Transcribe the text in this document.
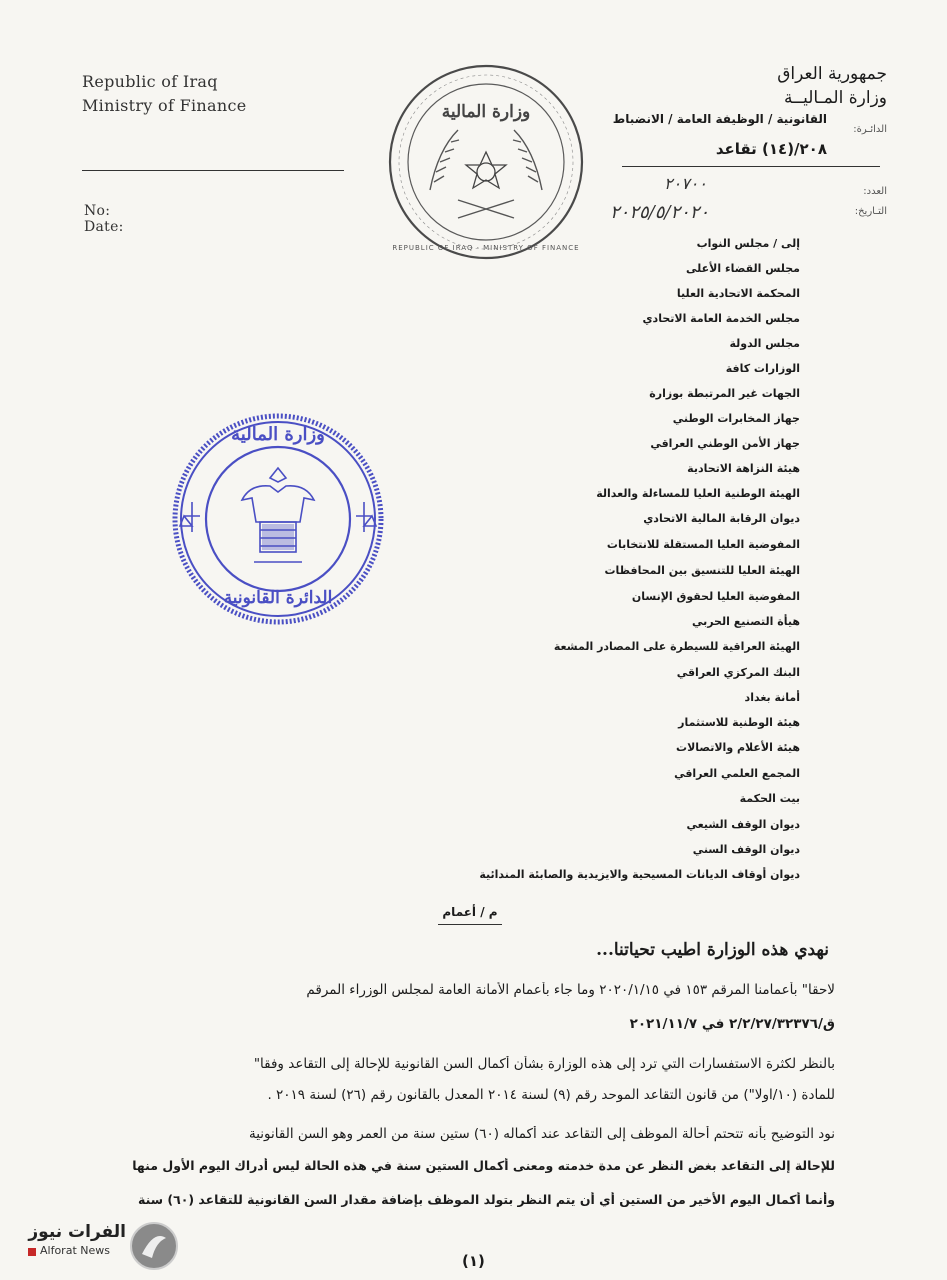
Republic of Iraq
Ministry of Finance
No:
Date:
وزارة المالية
REPUBLIC OF IRAQ · MINISTRY OF FINANCE
جمهورية العراق
وزارة المـاليــة
الدائـرة:
القانونية / الوظيفة العامة / الانضباط
٢٠٨/(١٤) تقاعد
العدد:
التـاريخ:
٢٠٧٠٠
٢٠٢٥/٥/٢٠٢٠
إلى / مجلس النواب
مجلس القضاء الأعلى
المحكمة الاتحادية العليا
مجلس الخدمة العامة الاتحادي
مجلس الدولة
الوزارات كافة
الجهات غير المرتبطة بوزارة
جهاز المخابرات الوطني
جهاز الأمن الوطني العراقي
هيئة النزاهة الاتحادية
الهيئة الوطنية العليا للمساءلة والعدالة
ديوان الرقابة المالية الاتحادي
المفوضية العليا المستقلة للانتخابات
الهيئة العليا للتنسيق بين المحافظات
المفوضية العليا لحقوق الإنسان
هيأة التصنيع الحربي
الهيئة العراقية للسيطرة على المصادر المشعة
البنك المركزي العراقي
أمانة بغداد
هيئة الوطنية للاستثمار
هيئة الأعلام والاتصالات
المجمع العلمي العراقي
بيت الحكمة
ديوان الوقف الشيعي
ديوان الوقف السني
ديوان أوقاف الديانات المسيحية والايزيدية والصابئة المندائية
وزارة المالية
الدائرة القانونية
م / أعمام
نهدي هذه الوزارة اطيب تحياتنا...
لاحقا" بأعمامنا المرقم ١٥٣ في ٢٠٢٠/١/١٥ وما جاء بأعمام الأمانة العامة لمجلس الوزراء المرقم
ق/٢/٢/٢٧/٣٢٣٧٦ في ٢٠٢١/١١/٧
بالنظر لكثرة الاستفسارات التي ترد إلى هذه الوزارة بشأن أكمال السن القانونية للإحالة إلى التقاعد وفقا"
للمادة (١٠/اولا") من قانون التقاعد الموحد رقم (٩) لسنة ٢٠١٤ المعدل بالقانون رقم (٢٦) لسنة ٢٠١٩ .
نود التوضيح بأنه تتحتم أحالة الموظف إلى التقاعد عند أكماله (٦٠) ستين سنة من العمر وهو السن القانونية
للإحالة إلى التقاعد بغض النظر عن مدة خدمته ومعنى أكمال الستين سنة في هذه الحالة ليس أدراك اليوم الأول منها
وأنما أكمال اليوم الأخير من الستين أي أن يتم النظر بتولد الموظف بإضافة مقدار السن القانونية للتقاعد (٦٠) سنة
(١)
الفرات نيوز
Alforat News
